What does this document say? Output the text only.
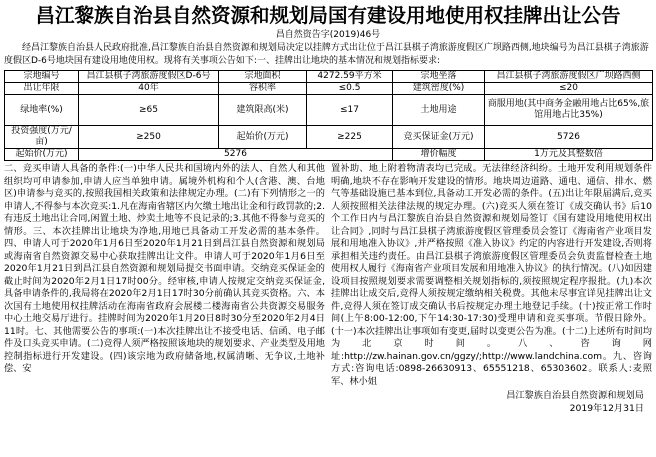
昌江黎族自治县自然资源和规划局国有建设用地使用权挂牌出让公告
昌自然资告字(2019)46号
经昌江黎族自治县人民政府批准,昌江黎族自治县自然资源和规划局决定以挂牌方式出让位于昌江县棋子湾旅游度假区广坝路西侧,地块编号为昌江县棋子湾旅游度假区D-6号地块国有建设用地使用权。现将有关事项公告如下:一、挂牌出让地块的基本情况和规划指标要求:
宗地编号	昌江县棋子湾旅游度假区D-6号	宗地面积	4272.59平方米	宗地坐落	昌江县棋子湾旅游度假区广坝路西侧
出让年限	40年	容积率	≤0.5	建筑密度(%)	≤20
绿地率(%)	≥65	建筑限高(米)	≤17	土地用途	商服用地(其中商务金融用地占比65%,旅馆用地占比35%)
投资强度(万元/亩)	≥250	起始价(万元)	≥225	竞买保证金(万元)	5726
起始价(万元)	5276			增价幅度	1万元及其整数倍

二、竞买申请人具备的条件:(一)中华人民共和国境内外的法人、自然人和其他组织均可申请参加,申请人应当单独申请。属境外机构和个人(含港、澳、台地区)申请参与竞买的,按照我国相关政策和法律规定办理。(二)有下列情形之一的申请人,不得参与本次竞买:1.凡在海南省辖区内欠缴土地出让金和行政罚款的;2.有违反土地出让合同,闲置土地、炒卖土地等不良记录的;3.其他不得参与竞买的情形。三、本次挂牌出让地块为净地,用地已具备动工开发必需的基本条件。四、申请人可于2020年1月6日至2020年1月21日到昌江县自然资源和规划局或海南省自然资源交易中心获取挂牌出让文件。申请人可于2020年1月6日至2020年1月21日到昌江县自然资源和规划局提交书面申请。交纳竞买保证金的截止时间为2020年2月1日17时00分。经审核,申请人按规定交纳竞买保证金,具备申请条件的,我局将在2020年2月1日17时30分前确认其竞买资格。六、本次国有土地使用权挂牌活动在海南省政府会展楼二楼海南省公共资源交易服务中心土地交易厅进行。挂牌时间为2020年1月20日8时30分至2020年2月4日11时。七、其他需要公告的事项:(一)本次挂牌出让不接受电话、信函、电子邮件及口头竞买申请。(二)竞得人须严格按照该地块的规划要求、产业类型及用地控制指标进行开发建设。(四)该宗地为政府储备地,权属清晰、无争议,土地补偿、安

置补助、地上附着物清表均已完成。无法律经济纠纷。土地开发利用规划条件明确,地块不存在影响开发建设的情形。地块周边道路、通电、通信、排水、燃气等基础设施已基本到位,具备动工开发必需的条件。(五)出让年限届满后,竞买人须按照相关法律法规的规定办理。(六)竞买人须在签订《成交确认书》后10个工作日内与昌江黎族自治县自然资源和规划局签订《国有建设用地使用权出让合同》,同时与昌江县棋子湾旅游度假区管理委员会签订《海南省产业项目发展和用地准入协议》,并严格按照《准入协议》约定的内容进行开发建设,否则将承担相关违约责任。由昌江县棋子湾旅游度假区管理委员会负责监督检查土地使用权人履行《海南省产业项目发展和用地准入协议》的执行情况。(八)如因建设项目按照规划要求需要调整相关规划指标的,须按照规定程序报批。(九)本次挂牌出让成交后,竞得人须按规定缴纳相关税费。其他未尽事宜详见挂牌出让文件,竞得人须在签订成交确认书后按规定办理土地登记手续。(十)按正常工作时间(上午8:00-12:00,下午14:30-17:30)受理申请和竞买事项。节假日除外。(十一)本次挂牌出让事项如有变更,届时以变更公告为准。(十二)上述所有时间均为北京时间。八、咨询网址:http://zw.hainan.gov.cn/ggzy/;http://www.landchina.com。九、咨询方式:咨询电话:0898-26630913、65551218、65303602。联系人:麦照军、林小姐

昌江黎族自治县自然资源和规划局
2019年12月31日
